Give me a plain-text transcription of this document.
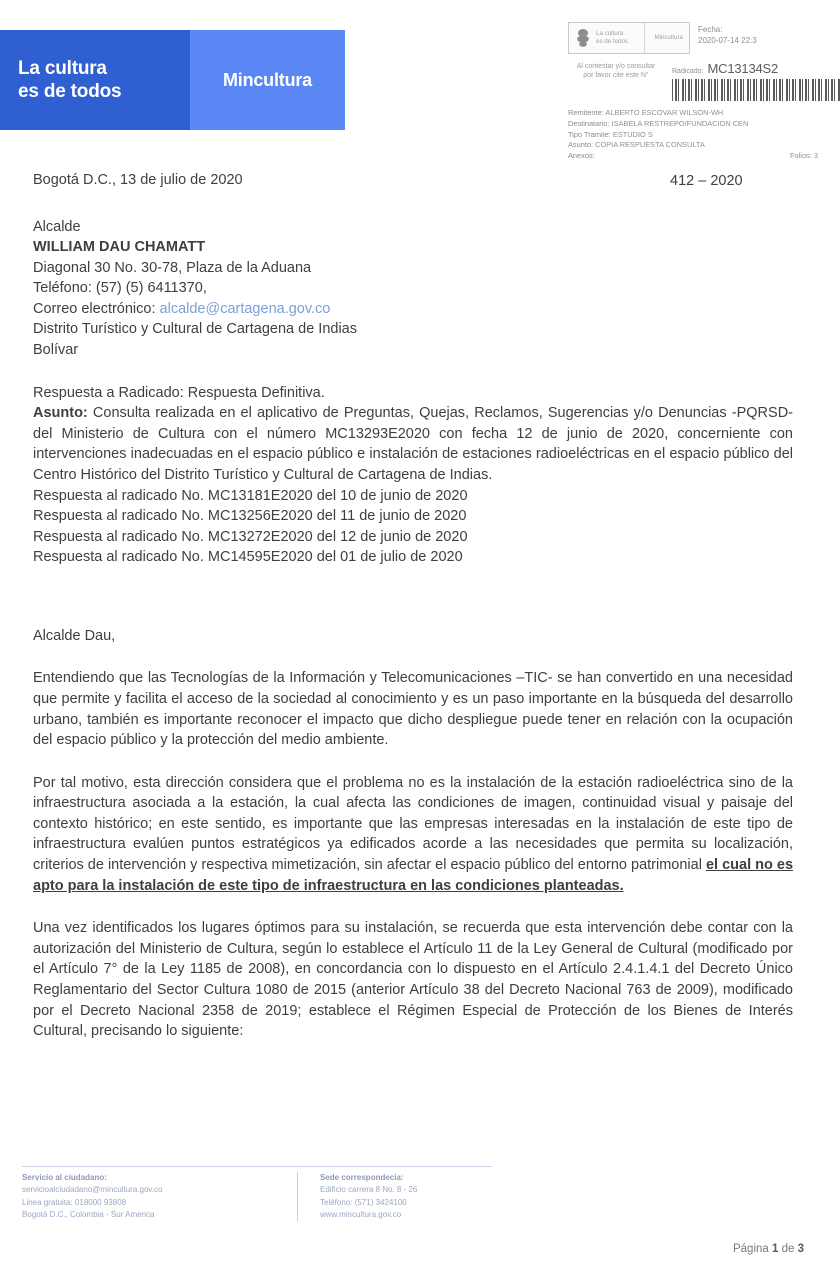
La cultura
es de todos
Mincultura
La cultura
es de todos
Mincultura
Fecha:
2020-07-14 22:3
Al contestar y/o consultar
por favor cite este N°
Radicado: MC13134S2
Remitente: ALBERTO ESCOVAR WILSON-WH
Destinatario: ISABELA RESTREPO/FUNDACION CEN
Tipo Tramite: ESTUDIO S
Asunto: COPIA RESPUESTA CONSULTA
Anexos:	Folios: 3
412 – 2020
Bogotá D.C., 13 de julio de 2020
Alcalde
WILLIAM DAU CHAMATT
Diagonal 30 No. 30-78, Plaza de la Aduana
Teléfono: (57) (5) 6411370,
Correo electrónico: alcalde@cartagena.gov.co
Distrito Turístico y Cultural de Cartagena de Indias
Bolívar

Respuesta a Radicado: Respuesta Definitiva.

Asunto: Consulta realizada en el aplicativo de Preguntas, Quejas, Reclamos, Sugerencias y/o Denuncias -PQRSD- del Ministerio de Cultura con el número MC13293E2020 con fecha 12 de junio de 2020, concerniente con intervenciones inadecuadas en el espacio público e instalación de estaciones radioeléctricas en el espacio público del Centro Histórico del Distrito Turístico y Cultural de Cartagena de Indias.

Respuesta al radicado No. MC13181E2020 del 10 de junio de 2020
Respuesta al radicado No. MC13256E2020 del 11 de junio de 2020
Respuesta al radicado No. MC13272E2020 del 12 de junio de 2020
Respuesta al radicado No. MC14595E2020 del 01 de julio de 2020
Alcalde Dau,

Entendiendo que las Tecnologías de la Información y Telecomunicaciones –TIC- se han convertido en una necesidad que permite y facilita el acceso de la sociedad al conocimiento y es un paso importante en la búsqueda del desarrollo urbano, también es importante reconocer el impacto que dicho despliegue puede tener en relación con la ocupación del espacio público y la protección del medio ambiente.

Por tal motivo, esta dirección considera que el problema no es la instalación de la estación radioeléctrica sino de la infraestructura asociada a la estación, la cual afecta las condiciones de imagen, continuidad visual y paisaje del contexto histórico; en este sentido, es importante que las empresas interesadas en la instalación de este tipo de infraestructura evalúen puntos estratégicos ya edificados acorde a las necesidades que permita su localización, criterios de intervención y respectiva mimetización, sin afectar el espacio público del entorno patrimonial el cual no es apto para la instalación de este tipo de infraestructura en las condiciones planteadas.

Una vez identificados los lugares óptimos para su instalación, se recuerda que esta intervención debe contar con la autorización del Ministerio de Cultura, según lo establece el Artículo 11 de la Ley General de Cultural (modificado por el Artículo 7° de la Ley 1185 de 2008), en concordancia con lo dispuesto en el Artículo 2.4.1.4.1 del Decreto Único Reglamentario del Sector Cultura 1080 de 2015 (anterior Artículo 38 del Decreto Nacional 763 de 2009), modificado por el Decreto Nacional 2358 de 2019; establece el Régimen Especial de Protección de los Bienes de Interés Cultural, precisando lo siguiente:

Servicio al ciudadano:
servicioalciudadano@mincultura.gov.co
Linea gratuita: 018000 93808
Bogotá D.C., Colombia - Sur America
Sede correspondecia:
Edificio carrera 8 No. 8 - 26
Teléfono: (571) 3424100
www.mincultura.gov.co
Página 1 de 3
